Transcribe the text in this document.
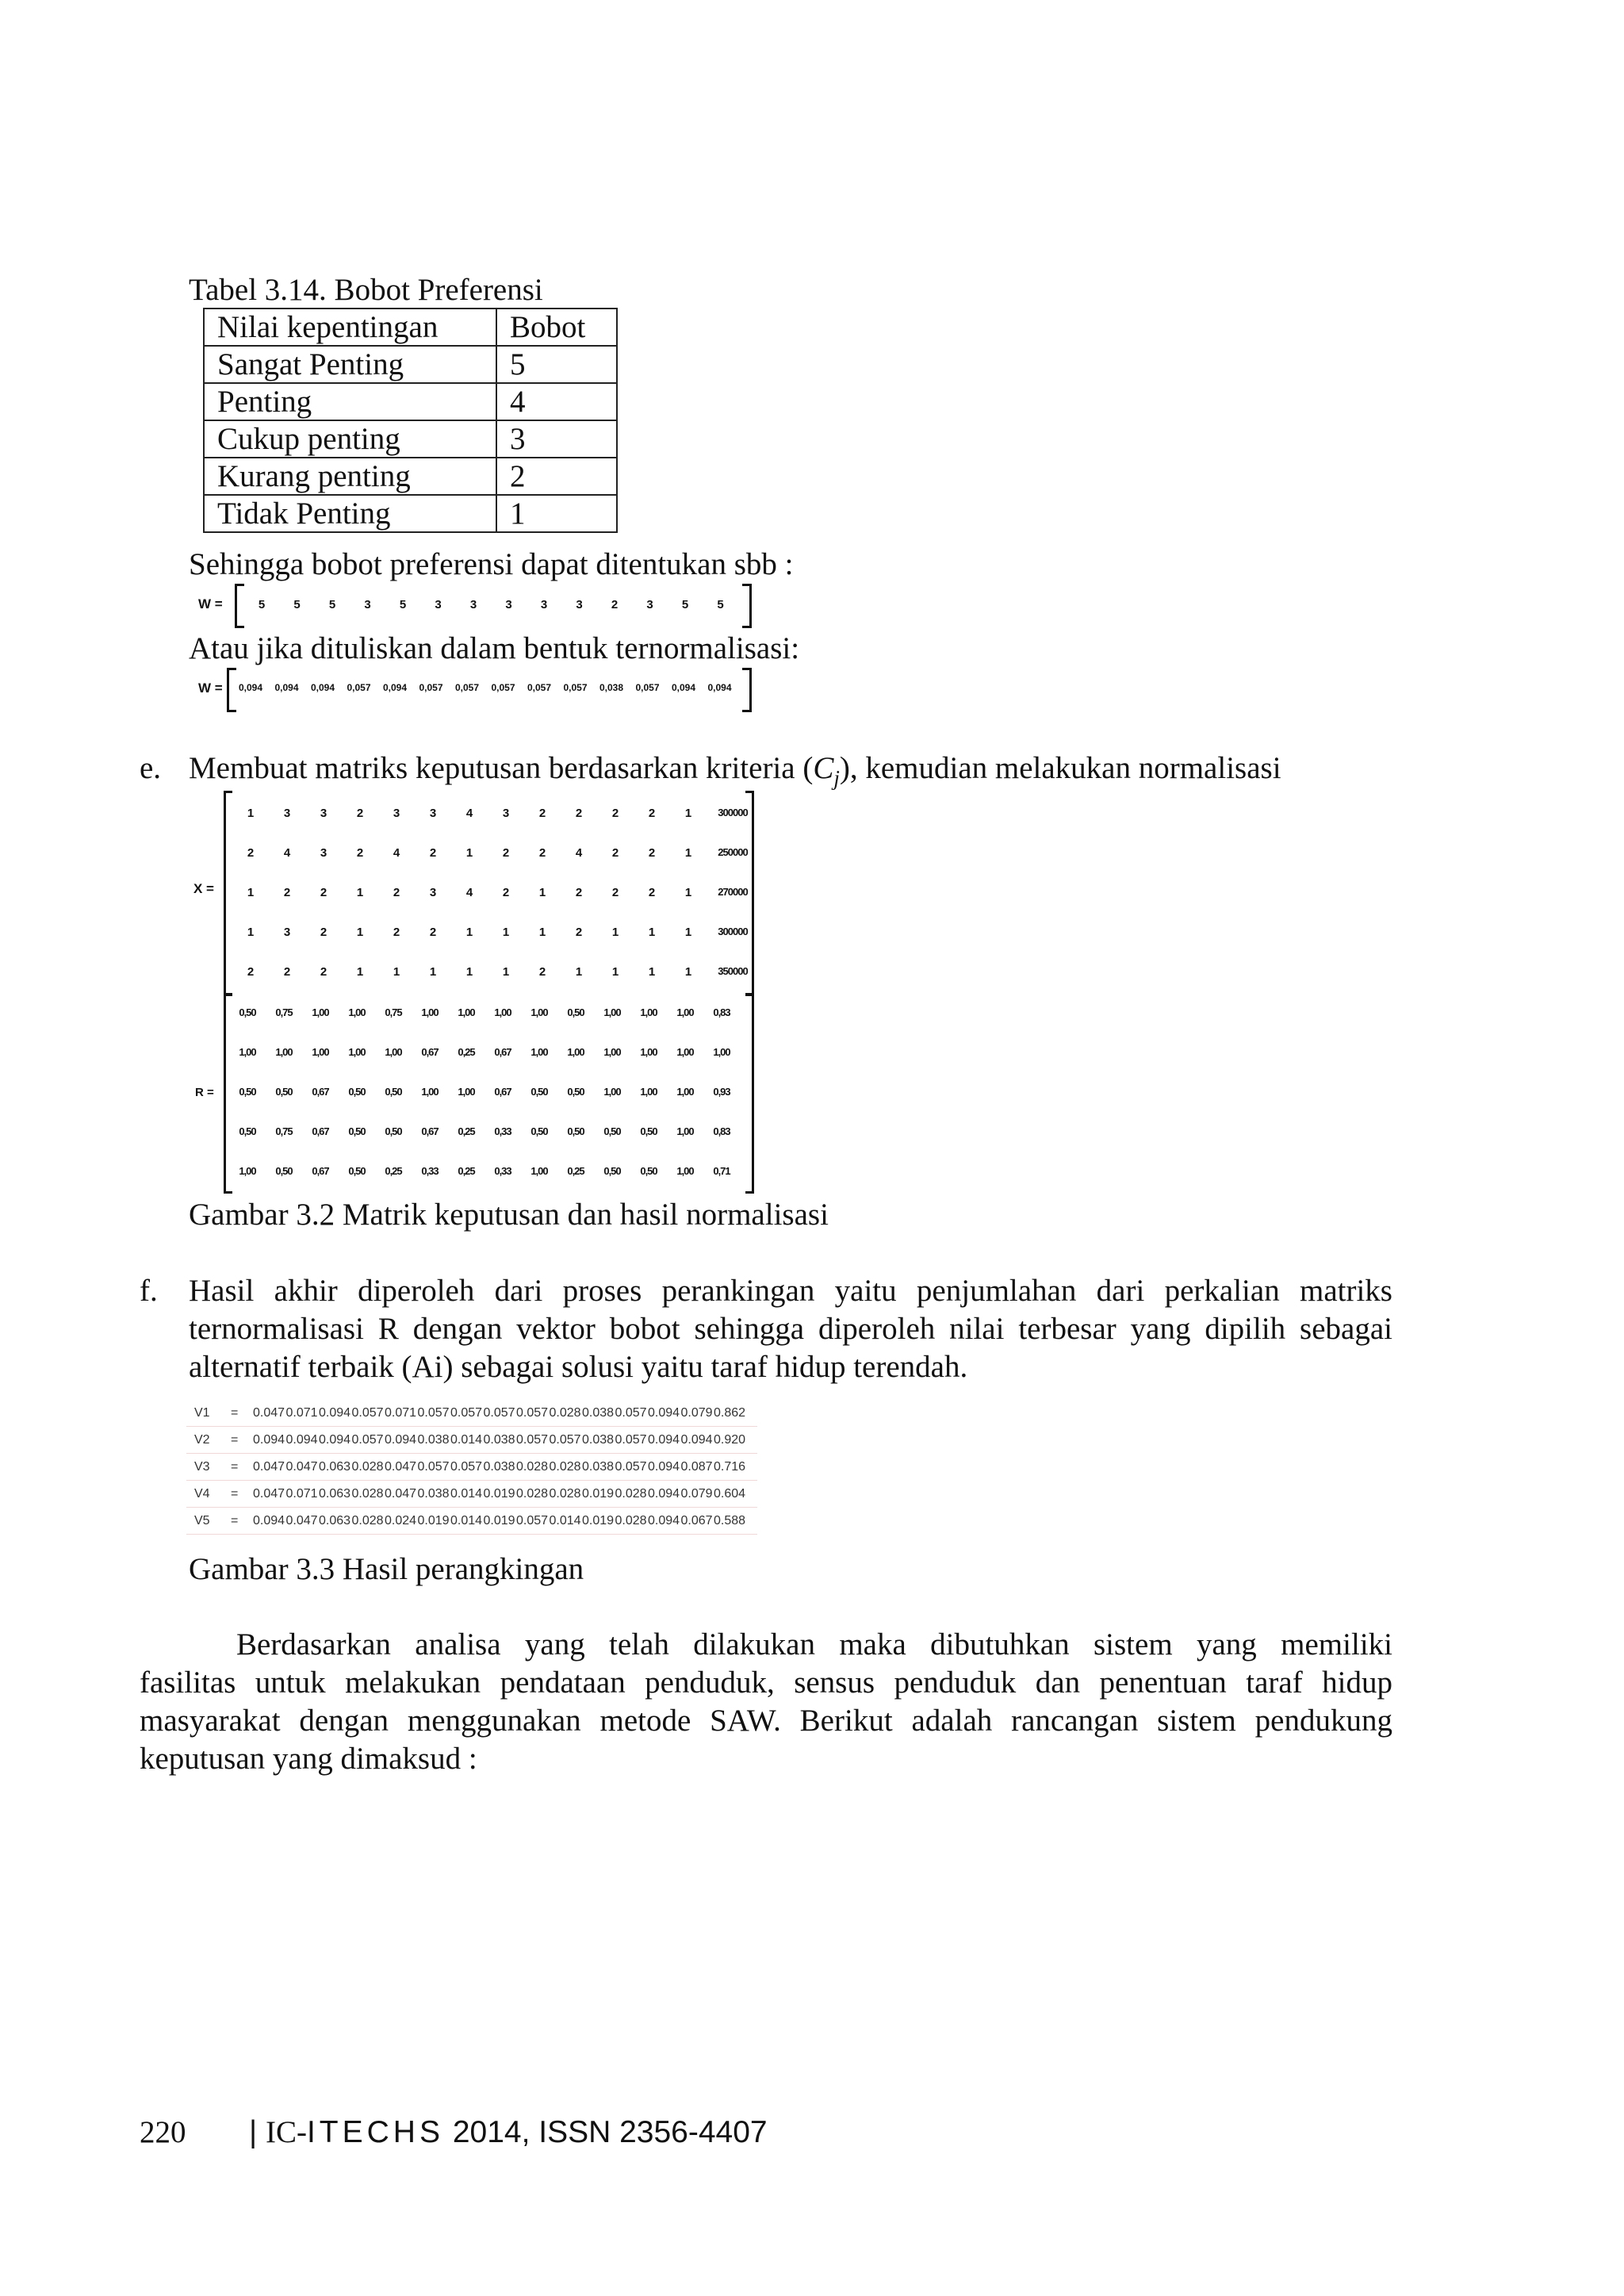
Tabel 3.14. Bobot Preferensi
Nilai kepentingan	Bobot
Sangat Penting	5
Penting	4
Cukup penting	3
Kurang penting	2
Tidak Penting	1
Sehingga bobot preferensi dapat ditentukan sbb :
W =	5	5	5	3	5	3	3	3	3	3	2	3	5	5
Atau jika dituliskan dalam bentuk ternormalisasi:
W =	0,094	0,094	0,094	0,057	0,094	0,057	0,057	0,057	0,057	0,057	0,038	0,057	0,094	0,094
e. Membuat matriks keputusan berdasarkan kriteria $(C_j)$, kemudian melakukan normalisasi
X =
R =
1	3	3	2	3	3	4	3	2	2	2	2	1	300000
2	4	3	2	4	2	1	2	2	4	2	2	1	250000
1	2	2	1	2	3	4	2	1	2	2	2	1	270000
1	3	2	1	2	2	1	1	1	2	1	1	1	300000
2	2	2	1	1	1	1	1	2	1	1	1	1	350000
0,50	0,75	1,00	1,00	0,75	1,00	1,00	1,00	1,00	0,50	1,00	1,00	1,00	0,83
1,00	1,00	1,00	1,00	1,00	0,67	0,25	0,67	1,00	1,00	1,00	1,00	1,00	1,00
0,50	0,50	0,67	0,50	0,50	1,00	1,00	0,67	0,50	0,50	1,00	1,00	1,00	0,93
0,50	0,75	0,67	0,50	0,50	0,67	0,25	0,33	0,50	0,50	0,50	0,50	1,00	0,83
1,00	0,50	0,67	0,50	0,25	0,33	0,25	0,33	1,00	0,25	0,50	0,50	1,00	0,71
Gambar 3.2 Matrik keputusan dan hasil normalisasi
f. Hasil akhir diperoleh dari proses perankingan yaitu penjumlahan dari perkalian matriks
ternormalisasi R dengan vektor bobot sehingga diperoleh nilai terbesar yang dipilih sebagai
alternatif terbaik (Ai) sebagai solusi yaitu taraf hidup terendah.
V1 = 0.047 0.071 0.094 0.057 0.071 0.057 0.057 0.057 0.057 0.028 0.038 0.057 0.094 0.079 0.862
V2 = 0.094 0.094 0.094 0.057 0.094 0.038 0.014 0.038 0.057 0.057 0.038 0.057 0.094 0.094 0.920
V3 = 0.047 0.047 0.063 0.028 0.047 0.057 0.057 0.038 0.028 0.028 0.038 0.057 0.094 0.087 0.716
V4 = 0.047 0.071 0.063 0.028 0.047 0.038 0.014 0.019 0.028 0.028 0.019 0.028 0.094 0.079 0.604
V5 = 0.094 0.047 0.063 0.028 0.024 0.019 0.014 0.019 0.057 0.014 0.019 0.028 0.094 0.067 0.588
Gambar 3.3 Hasil perangkingan
Berdasarkan analisa yang telah dilakukan maka dibutuhkan sistem yang memiliki
fasilitas untuk melakukan pendataan penduduk, sensus penduduk dan penentuan taraf hidup
masyarakat dengan menggunakan metode SAW. Berikut adalah rancangan sistem pendukung
keputusan yang dimaksud :
220 | IC-ITECHS 2014, ISSN 2356-4407
